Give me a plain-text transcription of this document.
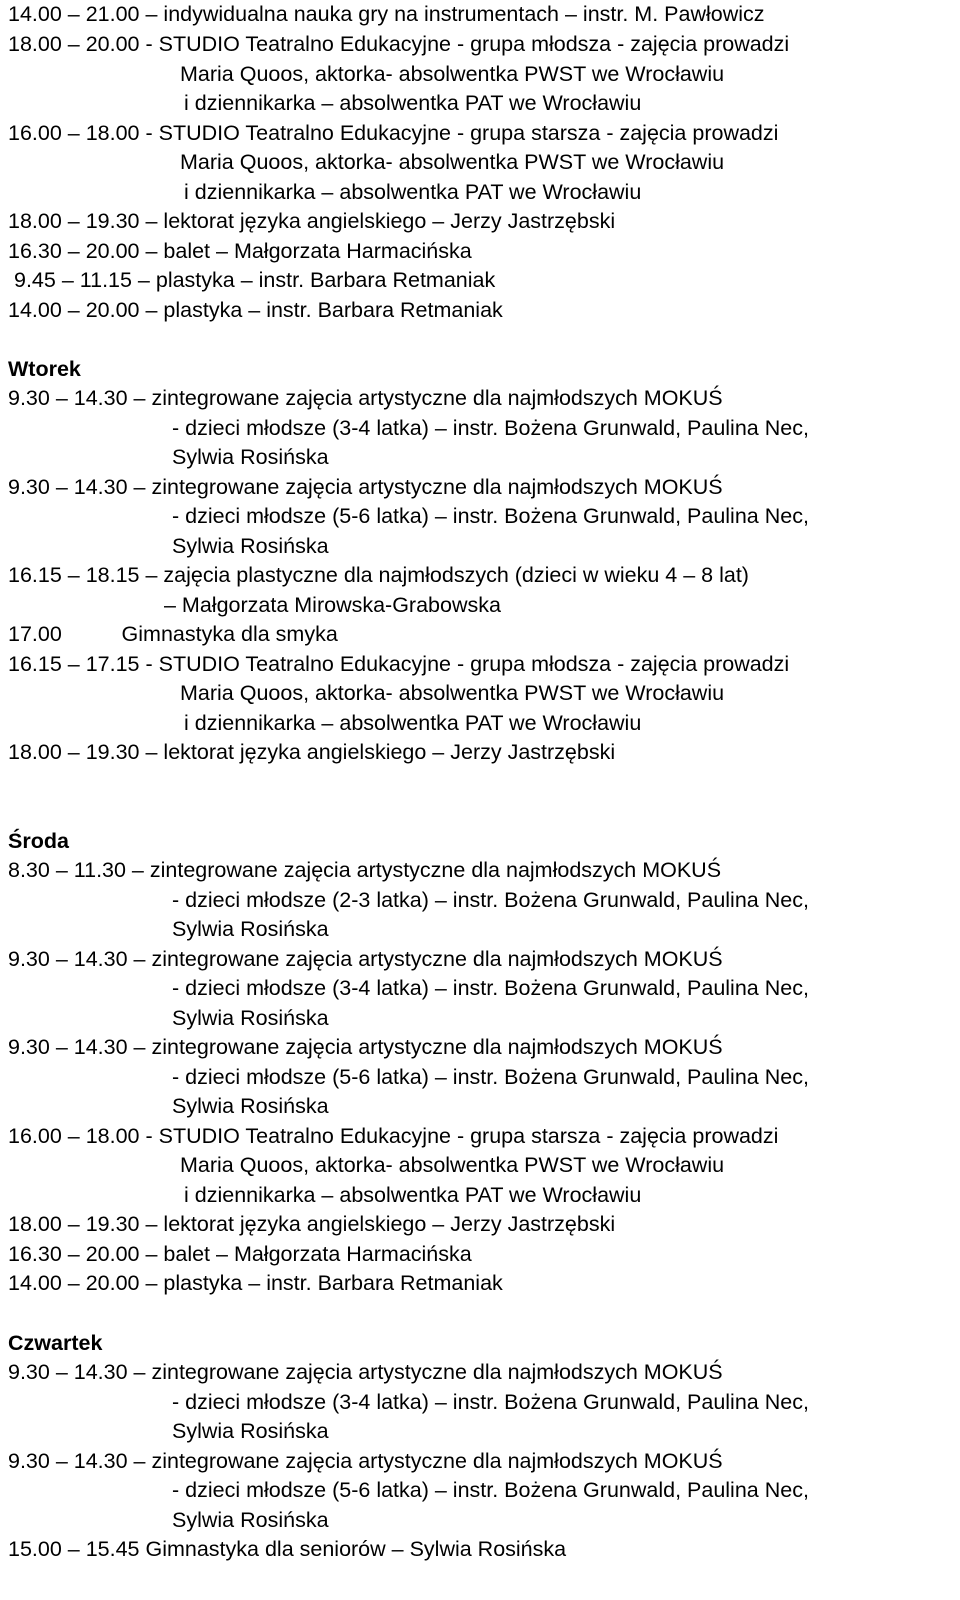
14.00 – 21.00 – indywidualna nauka gry na instrumentach – instr. M. Pawłowicz
18.00 – 20.00 - STUDIO Teatralno Edukacyjne - grupa młodsza - zajęcia prowadzi
Maria Quoos, aktorka- absolwentka PWST we Wrocławiu
i dziennikarka – absolwentka PAT we Wrocławiu
16.00 – 18.00 - STUDIO Teatralno Edukacyjne - grupa starsza - zajęcia prowadzi
Maria Quoos, aktorka- absolwentka PWST we Wrocławiu
i dziennikarka – absolwentka PAT we Wrocławiu
18.00 – 19.30 – lektorat języka angielskiego – Jerzy Jastrzębski
16.30 – 20.00 – balet – Małgorzata Harmacińska
9.45 – 11.15 – plastyka – instr. Barbara Retmaniak
14.00 – 20.00 – plastyka – instr. Barbara Retmaniak
Wtorek
9.30 – 14.30 – zintegrowane zajęcia artystyczne dla najmłodszych MOKUŚ
- dzieci młodsze (3-4 latka) – instr. Bożena Grunwald, Paulina Nec,
Sylwia Rosińska
9.30 – 14.30 – zintegrowane zajęcia artystyczne dla najmłodszych MOKUŚ
- dzieci młodsze (5-6 latka) – instr. Bożena Grunwald, Paulina Nec,
Sylwia Rosińska
16.15 – 18.15 – zajęcia plastyczne dla najmłodszych (dzieci w wieku 4 – 8 lat)
– Małgorzata Mirowska-Grabowska
17.00          Gimnastyka dla smyka
16.15 – 17.15 - STUDIO Teatralno Edukacyjne - grupa młodsza - zajęcia prowadzi
Maria Quoos, aktorka- absolwentka PWST we Wrocławiu
i dziennikarka – absolwentka PAT we Wrocławiu
18.00 – 19.30 – lektorat języka angielskiego – Jerzy Jastrzębski
Środa
8.30 – 11.30 – zintegrowane zajęcia artystyczne dla najmłodszych MOKUŚ
- dzieci młodsze (2-3 latka) – instr. Bożena Grunwald, Paulina Nec,
Sylwia Rosińska
9.30 – 14.30 – zintegrowane zajęcia artystyczne dla najmłodszych MOKUŚ
- dzieci młodsze (3-4 latka) – instr. Bożena Grunwald, Paulina Nec,
Sylwia Rosińska
9.30 – 14.30 – zintegrowane zajęcia artystyczne dla najmłodszych MOKUŚ
- dzieci młodsze (5-6 latka) – instr. Bożena Grunwald, Paulina Nec,
Sylwia Rosińska
16.00 – 18.00 - STUDIO Teatralno Edukacyjne - grupa starsza - zajęcia prowadzi
Maria Quoos, aktorka- absolwentka PWST we Wrocławiu
i dziennikarka – absolwentka PAT we Wrocławiu
18.00 – 19.30 – lektorat języka angielskiego – Jerzy Jastrzębski
16.30 – 20.00 – balet – Małgorzata Harmacińska
14.00 – 20.00 – plastyka – instr. Barbara Retmaniak
Czwartek
9.30 – 14.30 – zintegrowane zajęcia artystyczne dla najmłodszych MOKUŚ
- dzieci młodsze (3-4 latka) – instr. Bożena Grunwald, Paulina Nec,
Sylwia Rosińska
9.30 – 14.30 – zintegrowane zajęcia artystyczne dla najmłodszych MOKUŚ
- dzieci młodsze (5-6 latka) – instr. Bożena Grunwald, Paulina Nec,
Sylwia Rosińska
15.00 – 15.45 Gimnastyka dla seniorów – Sylwia Rosińska
